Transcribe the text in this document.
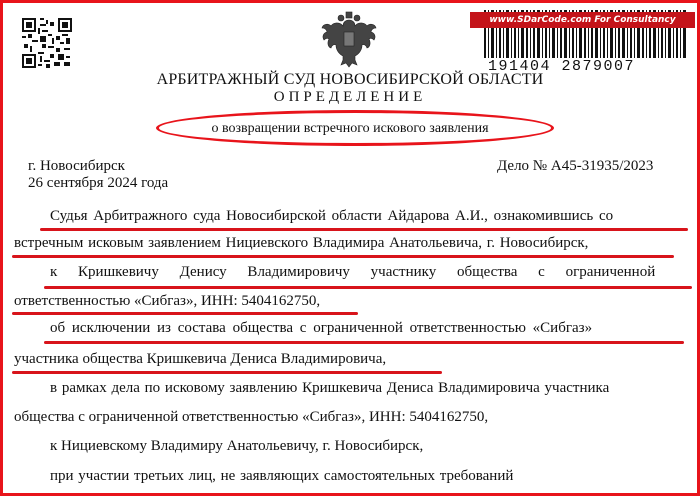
www.SDarCode.com For Consultancy
191404 2879007
АРБИТРАЖНЫЙ СУД НОВОСИБИРСКОЙ ОБЛАСТИ
ОПРЕДЕЛЕНИЕ
о возвращении встречного искового заявления
г. Новосибирск
26 сентября 2024 года
Дело № А45-31935/2023
Судья Арбитражного суда Новосибирской области Айдарова А.И., ознакомившись со
встречным исковым заявлением Нициевского Владимира Анатольевича, г. Новосибирск,
к Кришкевичу Денису Владимировичу участнику общества с ограниченной
ответственностью «Сибгаз», ИНН: 5404162750,
об исключении из состава общества с ограниченной ответственностью «Сибгаз»
участника общества Кришкевича Дениса Владимировича,
в рамках дела по исковому заявлению Кришкевича Дениса Владимировича участника
общества с ограниченной ответственностью «Сибгаз», ИНН: 5404162750,
к Нициевскому Владимиру Анатольевичу, г. Новосибирск,
при участии третьих лиц, не заявляющих самостоятельных требований
